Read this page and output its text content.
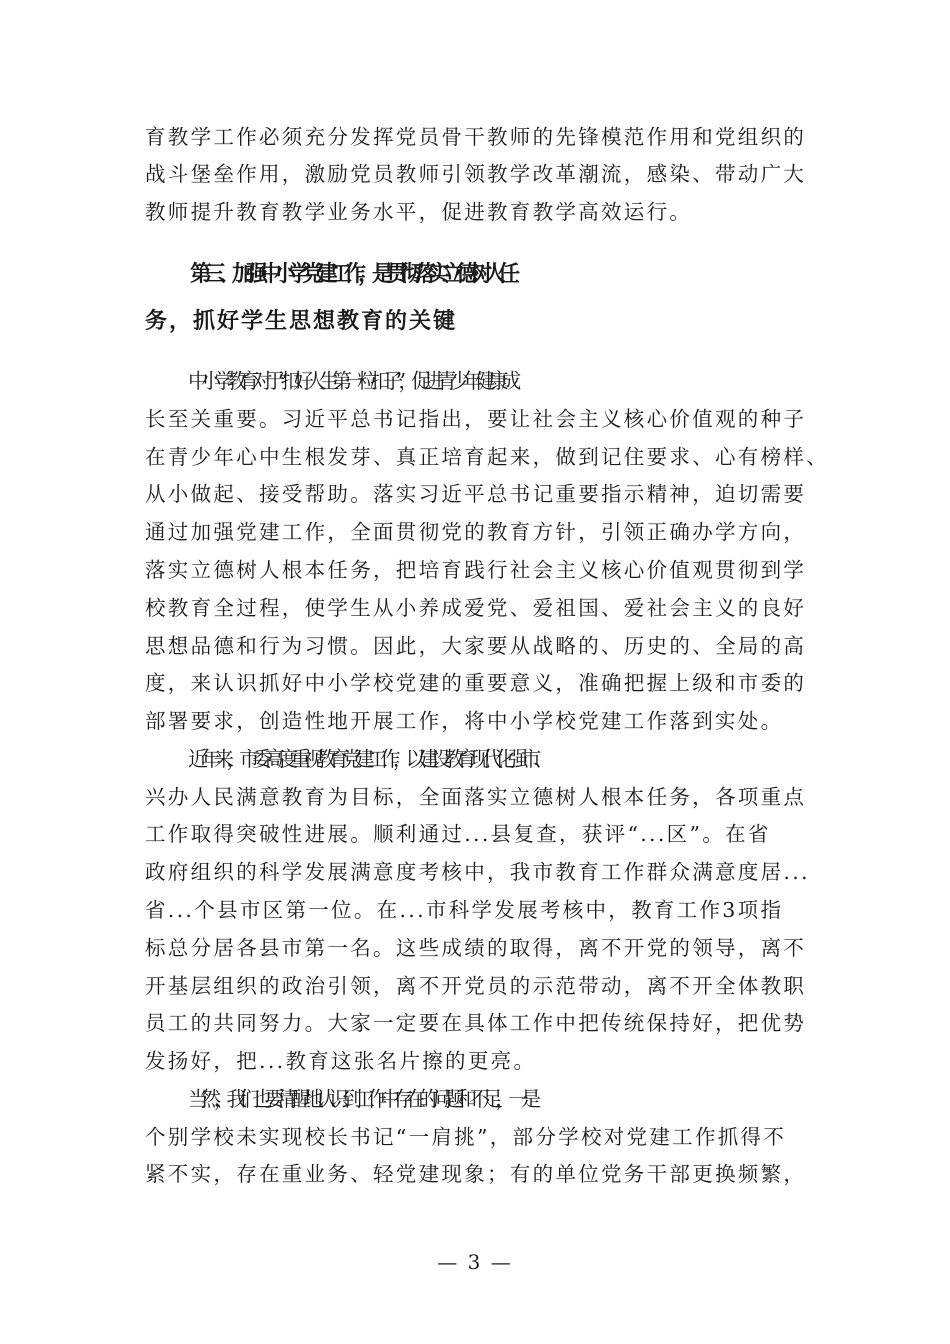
育教学工作必须充分发挥党员骨干教师的先锋模范作用和党组织的
战斗堡垒作用，激励党员教师引领教学改革潮流，感染、带动广大
教师提升教育教学业务水平，促进教育教学高效运行。
第三、加强中小学党建工作，是贯彻落实立德树人任
务，抓好学生思想教育的关键
中小学教育对于“扣好人生第一粒扣子”，促进青少年健康成
长至关重要。习近平总书记指出，要让社会主义核心价值观的种子
在青少年心中生根发芽、真正培育起来，做到记住要求、心有榜样、
从小做起、接受帮助。落实习近平总书记重要指示精神，迫切需要
通过加强党建工作，全面贯彻党的教育方针，引领正确办学方向，
落实立德树人根本任务，把培育践行社会主义核心价值观贯彻到学
校教育全过程，使学生从小养成爱党、爱祖国、爱社会主义的良好
思想品德和行为习惯。因此，大家要从战略的、历史的、全局的高
度，来认识抓好中小学校党建的重要意义，准确把握上级和市委的
部署要求，创造性地开展工作，将中小学校党建工作落到实处。
近年来，市委高度重视教育党建工作，以建设教育现代化强市、
兴办人民满意教育为目标，全面落实立德树人根本任务，各项重点
工作取得突破性进展。顺利通过...县复查，获评“...区”。在省
政府组织的科学发展满意度考核中，我市教育工作群众满意度居...
省...个县市区第一位。在...市科学发展考核中，教育工作3项指
标总分居各县市第一名。这些成绩的取得，离不开党的领导，离不
开基层组织的政治引领，离不开党员的示范带动，离不开全体教职
员工的共同努力。大家一定要在具体工作中把传统保持好，把优势
发扬好，把...教育这张名片擦的更亮。
当然，我们也要清醒地认识到工作中存在的问题和不足，一是
个别学校未实现校长书记“一肩挑”，部分学校对党建工作抓得不
紧不实，存在重业务、轻党建现象；有的单位党务干部更换频繁，
— 3 —
